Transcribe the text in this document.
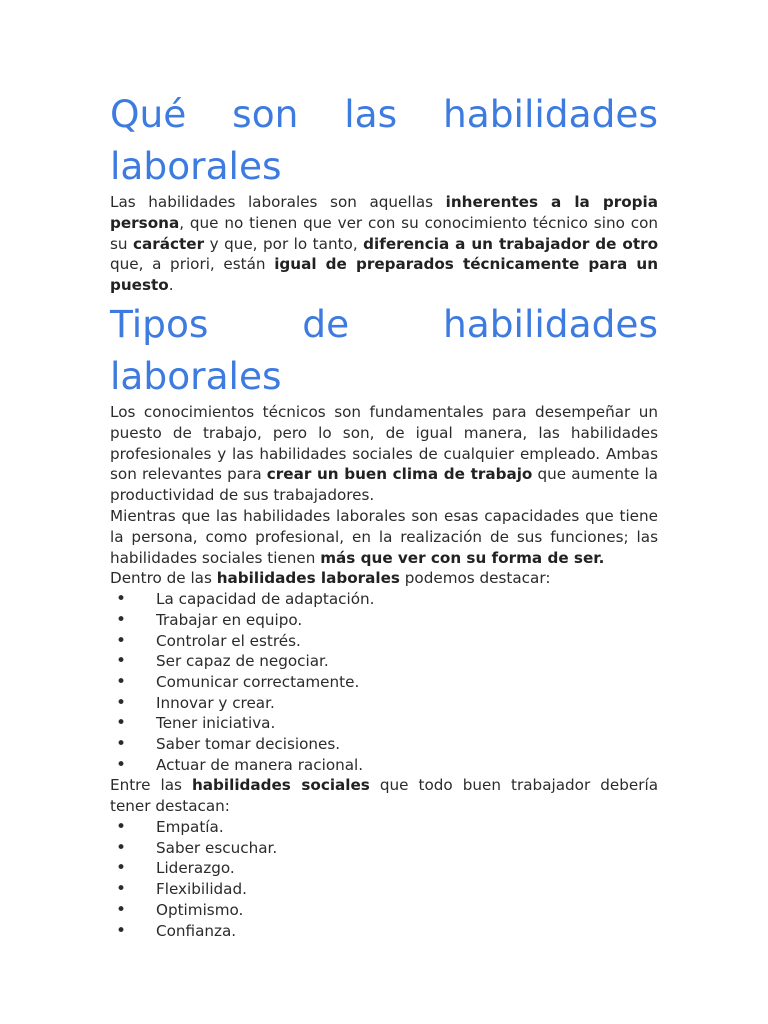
Qué son las habilidades laborales

Las habilidades laborales son aquellas inherentes a la propia persona, que no tienen que ver con su conocimiento técnico sino con su carácter y que, por lo tanto, diferencia a un trabajador de otro que, a priori, están igual de preparados técnicamente para un puesto.

Tipos de habilidades laborales

Los conocimientos técnicos son fundamentales para desempeñar un puesto de trabajo, pero lo son, de igual manera, las habilidades profesionales y las habilidades sociales de cualquier empleado. Ambas son relevantes para crear un buen clima de trabajo que aumente la productividad de sus trabajadores.

Mientras que las habilidades laborales son esas capacidades que tiene la persona, como profesional, en la realización de sus funciones; las habilidades sociales tienen más que ver con su forma de ser.

Dentro de las habilidades laborales podemos destacar:

• La capacidad de adaptación.
• Trabajar en equipo.
• Controlar el estrés.
• Ser capaz de negociar.
• Comunicar correctamente.
• Innovar y crear.
• Tener iniciativa.
• Saber tomar decisiones.
• Actuar de manera racional.

Entre las habilidades sociales que todo buen trabajador debería tener destacan:

• Empatía.
• Saber escuchar.
• Liderazgo.
• Flexibilidad.
• Optimismo.
• Confianza.
